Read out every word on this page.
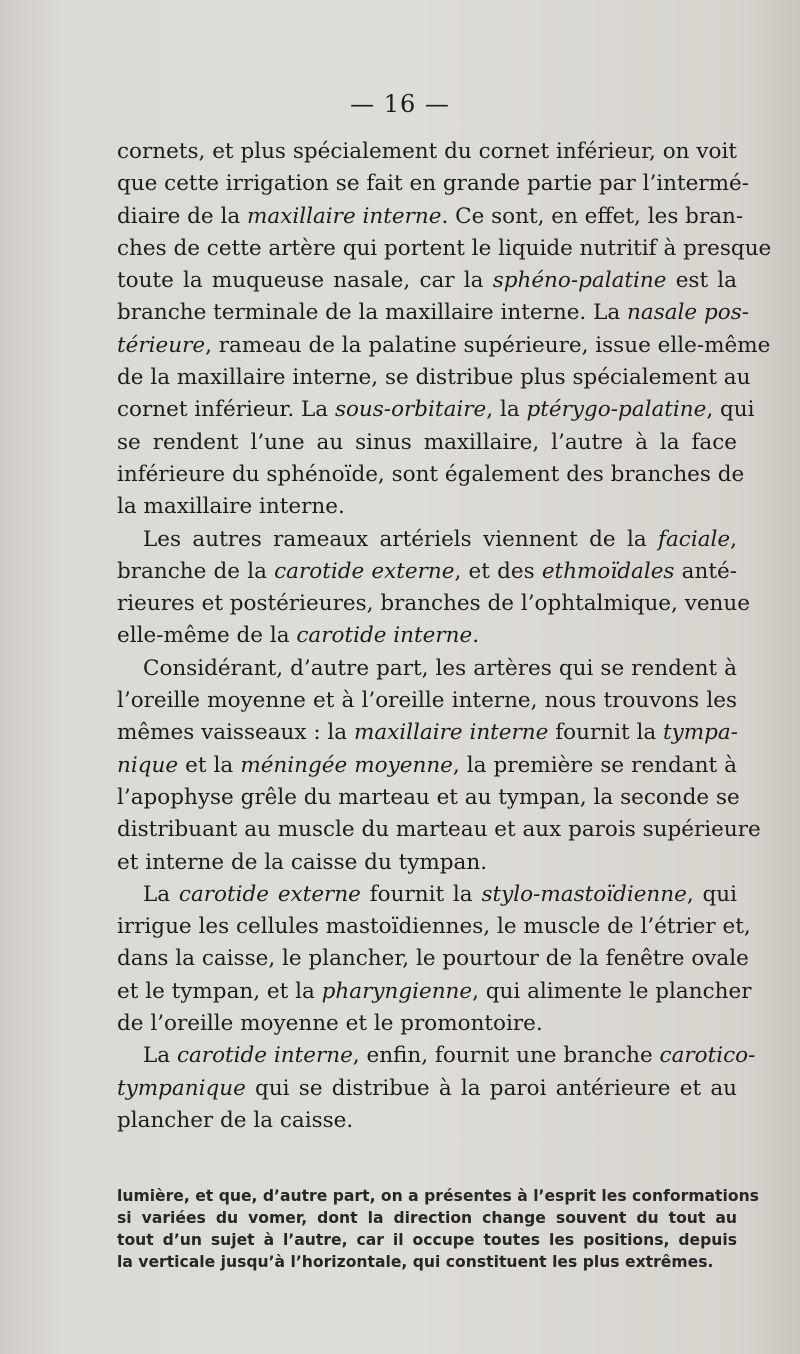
— 16 —
cornets, et plus spécialement du cornet inférieur, on voit
que cette irrigation se fait en grande partie par l’intermé-
diaire de la maxillaire interne. Ce sont, en effet, les bran-
ches de cette artère qui portent le liquide nutritif à presque
toute la muqueuse nasale, car la sphéno-palatine est la
branche terminale de la maxillaire interne. La nasale pos-
térieure, rameau de la palatine supérieure, issue elle-même
de la maxillaire interne, se distribue plus spécialement au
cornet inférieur. La sous-orbitaire, la ptérygo-palatine, qui
se rendent l’une au sinus maxillaire, l’autre à la face
inférieure du sphénoïde, sont également des branches de
la maxillaire interne.
Les autres rameaux artériels viennent de la faciale,
branche de la carotide externe, et des ethmoïdales anté-
rieures et postérieures, branches de l’ophtalmique, venue
elle-même de la carotide interne.
Considérant, d’autre part, les artères qui se rendent à
l’oreille moyenne et à l’oreille interne, nous trouvons les
mêmes vaisseaux : la maxillaire interne fournit la tympa-
nique et la méningée moyenne, la première se rendant à
l’apophyse grêle du marteau et au tympan, la seconde se
distribuant au muscle du marteau et aux parois supérieure
et interne de la caisse du tympan.
La carotide externe fournit la stylo-mastoïdienne, qui
irrigue les cellules mastoïdiennes, le muscle de l’étrier et,
dans la caisse, le plancher, le pourtour de la fenêtre ovale
et le tympan, et la pharyngienne, qui alimente le plancher
de l’oreille moyenne et le promontoire.
La carotide interne, enfin, fournit une branche carotico-
tympanique qui se distribue à la paroi antérieure et au
plancher de la caisse.
lumière, et que, d’autre part, on a présentes à l’esprit les conformations
si variées du vomer, dont la direction change souvent du tout au
tout d’un sujet à l’autre, car il occupe toutes les positions, depuis
la verticale jusqu’à l’horizontale, qui constituent les plus extrêmes.
